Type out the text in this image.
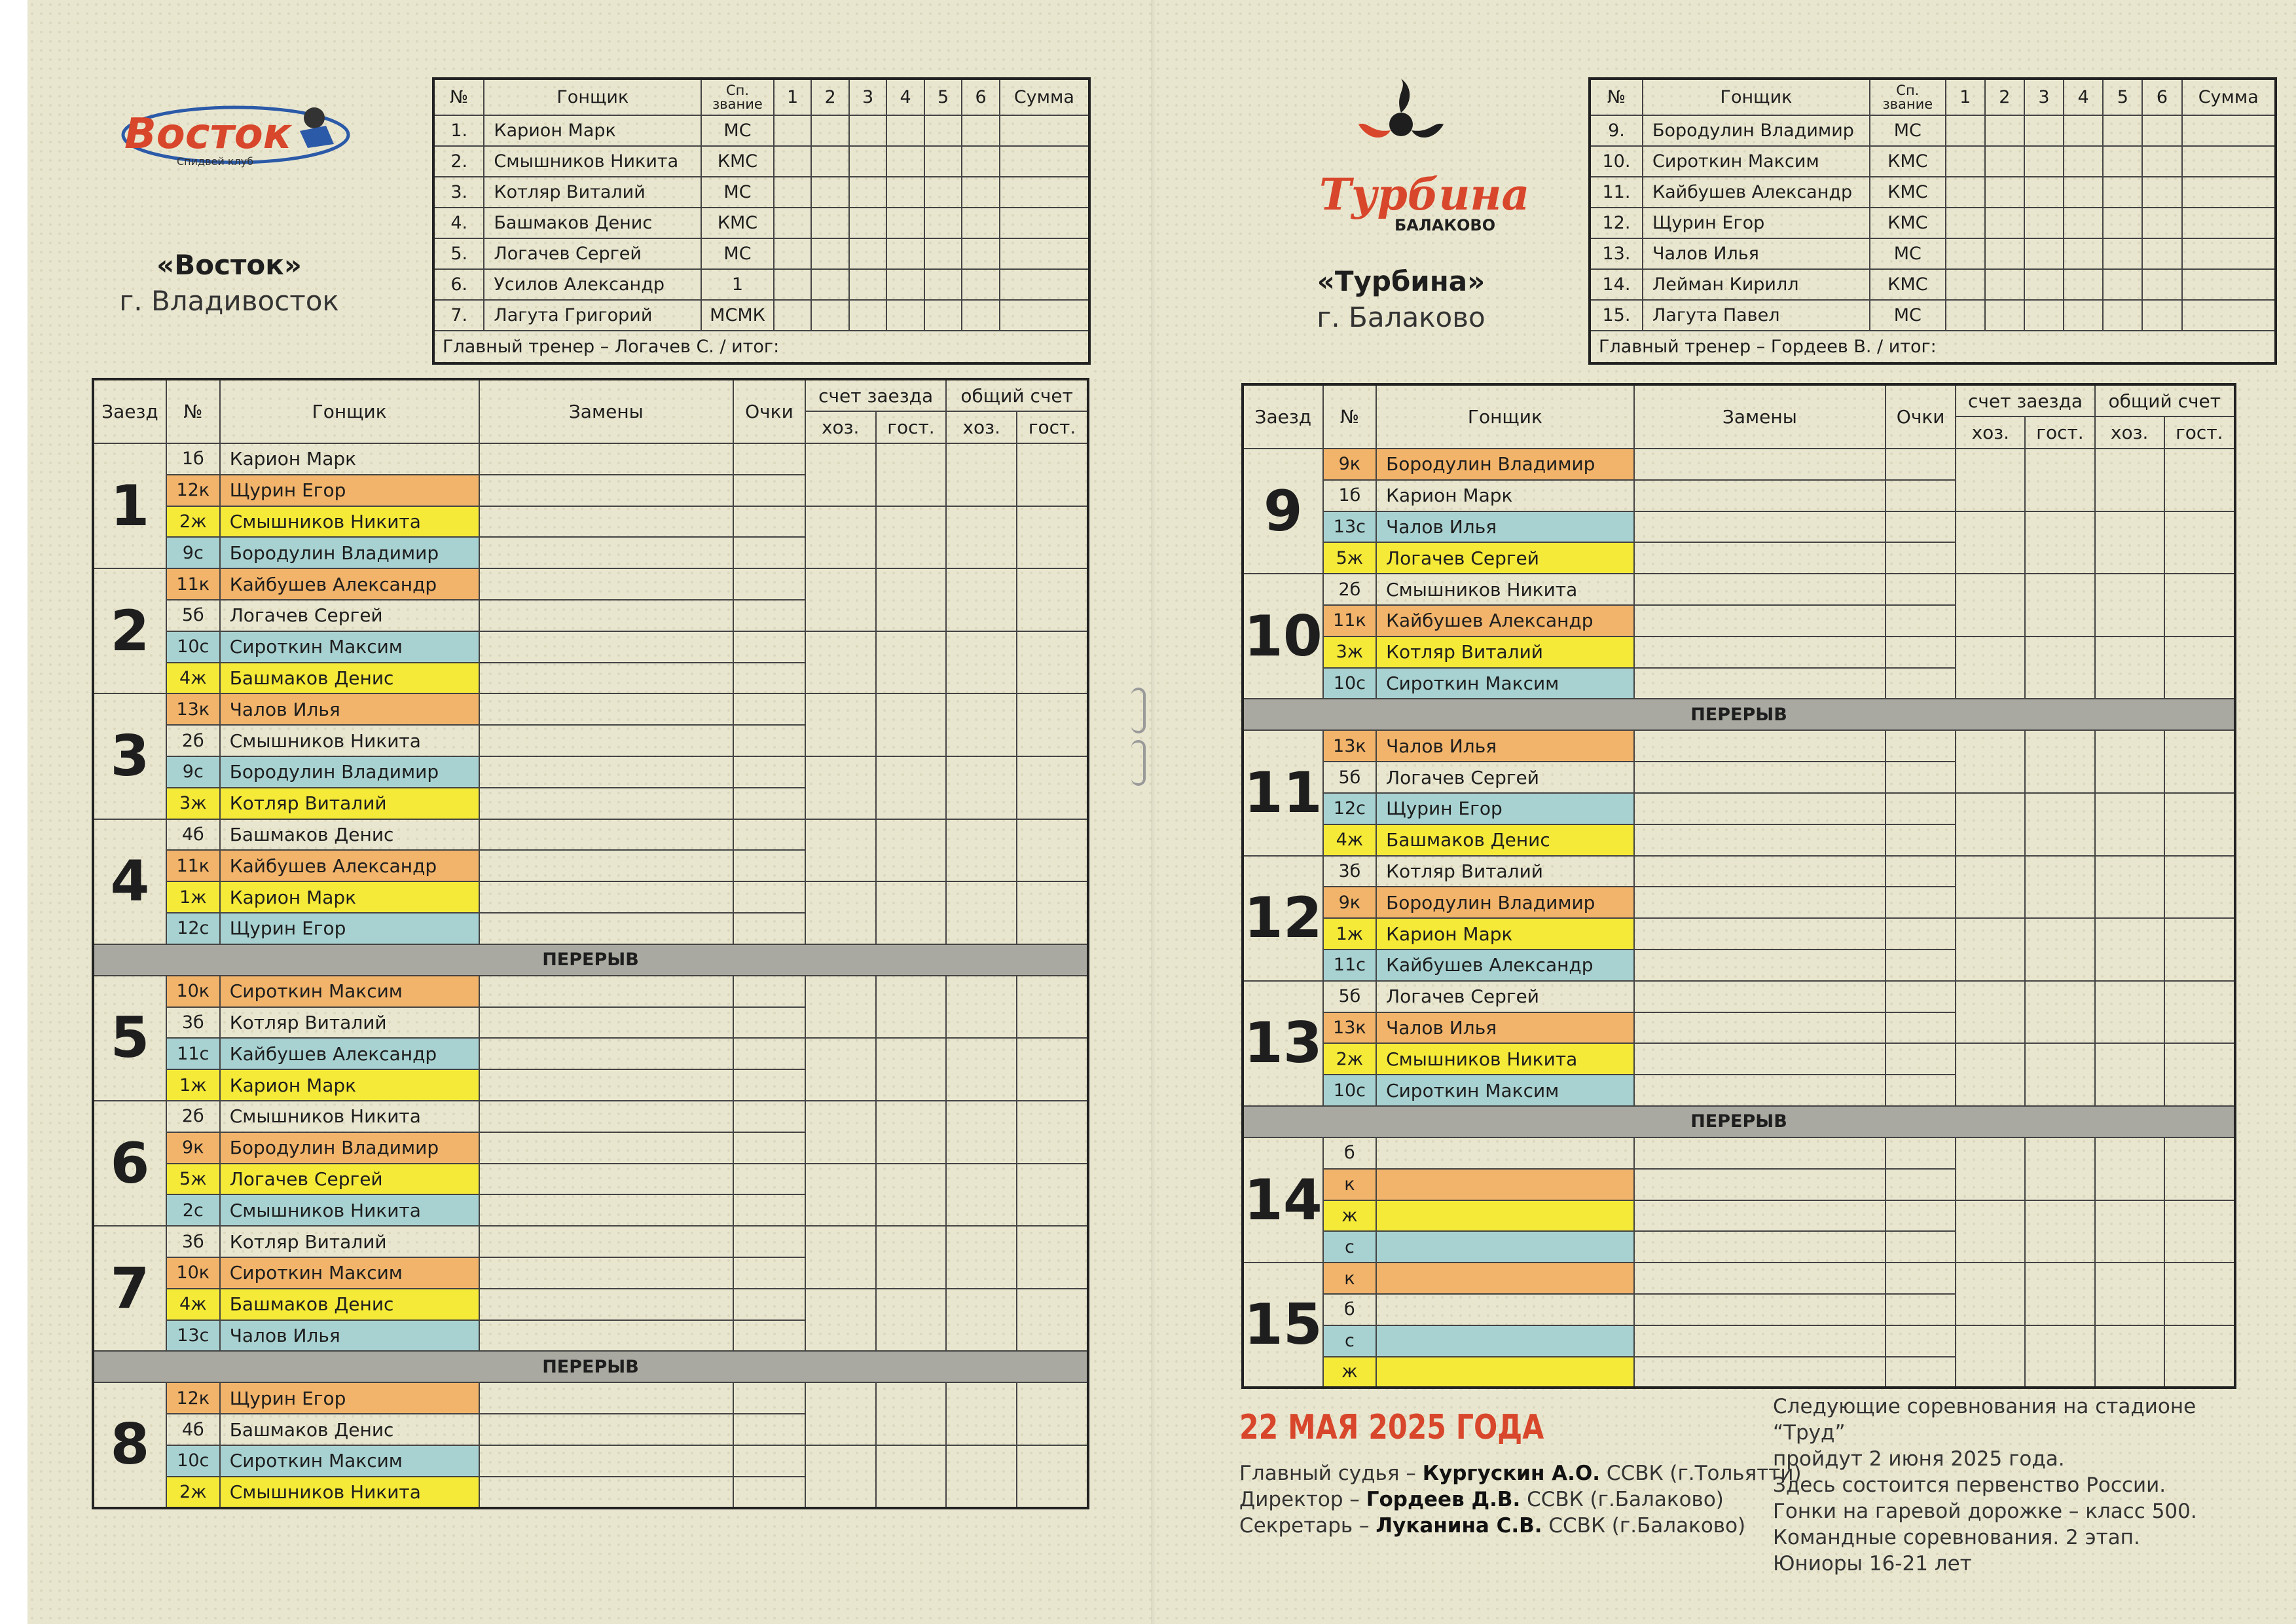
Восток
Спидвей клуб
«Восток»
г. Владивосток
Турбина
БАЛАКОВО
«Турбина»
г. Балаково
№	Гонщик	Сп. звание	1	2	3	4	5	6	Сумма
1.	Карион Марк	МС							
2.	Смышников Никита	КМС							
3.	Котляр Виталий	МС							
4.	Башмаков Денис	КМС							
5.	Логачев Сергей	МС							
6.	Усилов Александр	1							
7.	Лагута Григорий	МСМК							
Главный тренер – Логачев С. / итог:									
№	Гонщик	Сп. звание	1	2	3	4	5	6	Сумма
9.	Бородулин Владимир	МС							
10.	Сироткин Максим	КМС							
11.	Кайбушев Александр	КМС							
12.	Щурин Егор	КМС							
13.	Чалов Илья	МС							
14.	Лейман Кирилл	КМС							
15.	Лагута Павел	МС							
Главный тренер – Гордеев В. / итог:									
Заезд	№	Гонщик	Замены	Очки	счет заезда		общий счет	
					хоз.	гост.	хоз.	гост.
1	1б	Карион Марк						
	12к	Щурин Егор						
	2ж	Смышников Никита						
	9с	Бородулин Владимир						
2	11к	Кайбушев Александр						
	5б	Логачев Сергей						
	10с	Сироткин Максим						
	4ж	Башмаков Денис						
3	13к	Чалов Илья						
	2б	Смышников Никита						
	9с	Бородулин Владимир						
	3ж	Котляр Виталий						
4	4б	Башмаков Денис						
	11к	Кайбушев Александр						
	1ж	Карион Марк						
	12с	Щурин Егор						
ПЕРЕРЫВ								
5	10к	Сироткин Максим						
	3б	Котляр Виталий						
	11с	Кайбушев Александр						
	1ж	Карион Марк						
6	2б	Смышников Никита						
	9к	Бородулин Владимир						
	5ж	Логачев Сергей						
	2с	Смышников Никита						
7	3б	Котляр Виталий						
	10к	Сироткин Максим						
	4ж	Башмаков Денис						
	13с	Чалов Илья						
ПЕРЕРЫВ								
8	12к	Щурин Егор						
	4б	Башмаков Денис						
	10с	Сироткин Максим						
	2ж	Смышников Никита						
Заезд	№	Гонщик	Замены	Очки	счет заезда		общий счет	
					хоз.	гост.	хоз.	гост.
9	9к	Бородулин Владимир						
	1б	Карион Марк						
	13с	Чалов Илья						
	5ж	Логачев Сергей						
10	2б	Смышников Никита						
	11к	Кайбушев Александр						
	3ж	Котляр Виталий						
	10с	Сироткин Максим						
ПЕРЕРЫВ								
11	13к	Чалов Илья						
	5б	Логачев Сергей						
	12с	Щурин Егор						
	4ж	Башмаков Денис						
12	3б	Котляр Виталий						
	9к	Бородулин Владимир						
	1ж	Карион Марк						
	11с	Кайбушев Александр						
13	5б	Логачев Сергей						
	13к	Чалов Илья						
	2ж	Смышников Никита						
	10с	Сироткин Максим						
ПЕРЕРЫВ								
14	б							
	к							
	ж							
	с							
15	к							
	б							
	с							
	ж							
22 МАЯ 2025 ГОДА
Главный судья – Кургускин А.О. ССВК (г.Тольятти)
Директор – Гордеев Д.В. ССВК (г.Балаково)
Секретарь – Луканина С.В. ССВК (г.Балаково)
Следующие соревнования на стадионе “Труд”
пройдут 2 июня 2025 года.
Здесь состоится первенство России.
Гонки на гаревой дорожке – класс 500.
Командные соревнования. 2 этап.
Юниоры 16-21 лет
